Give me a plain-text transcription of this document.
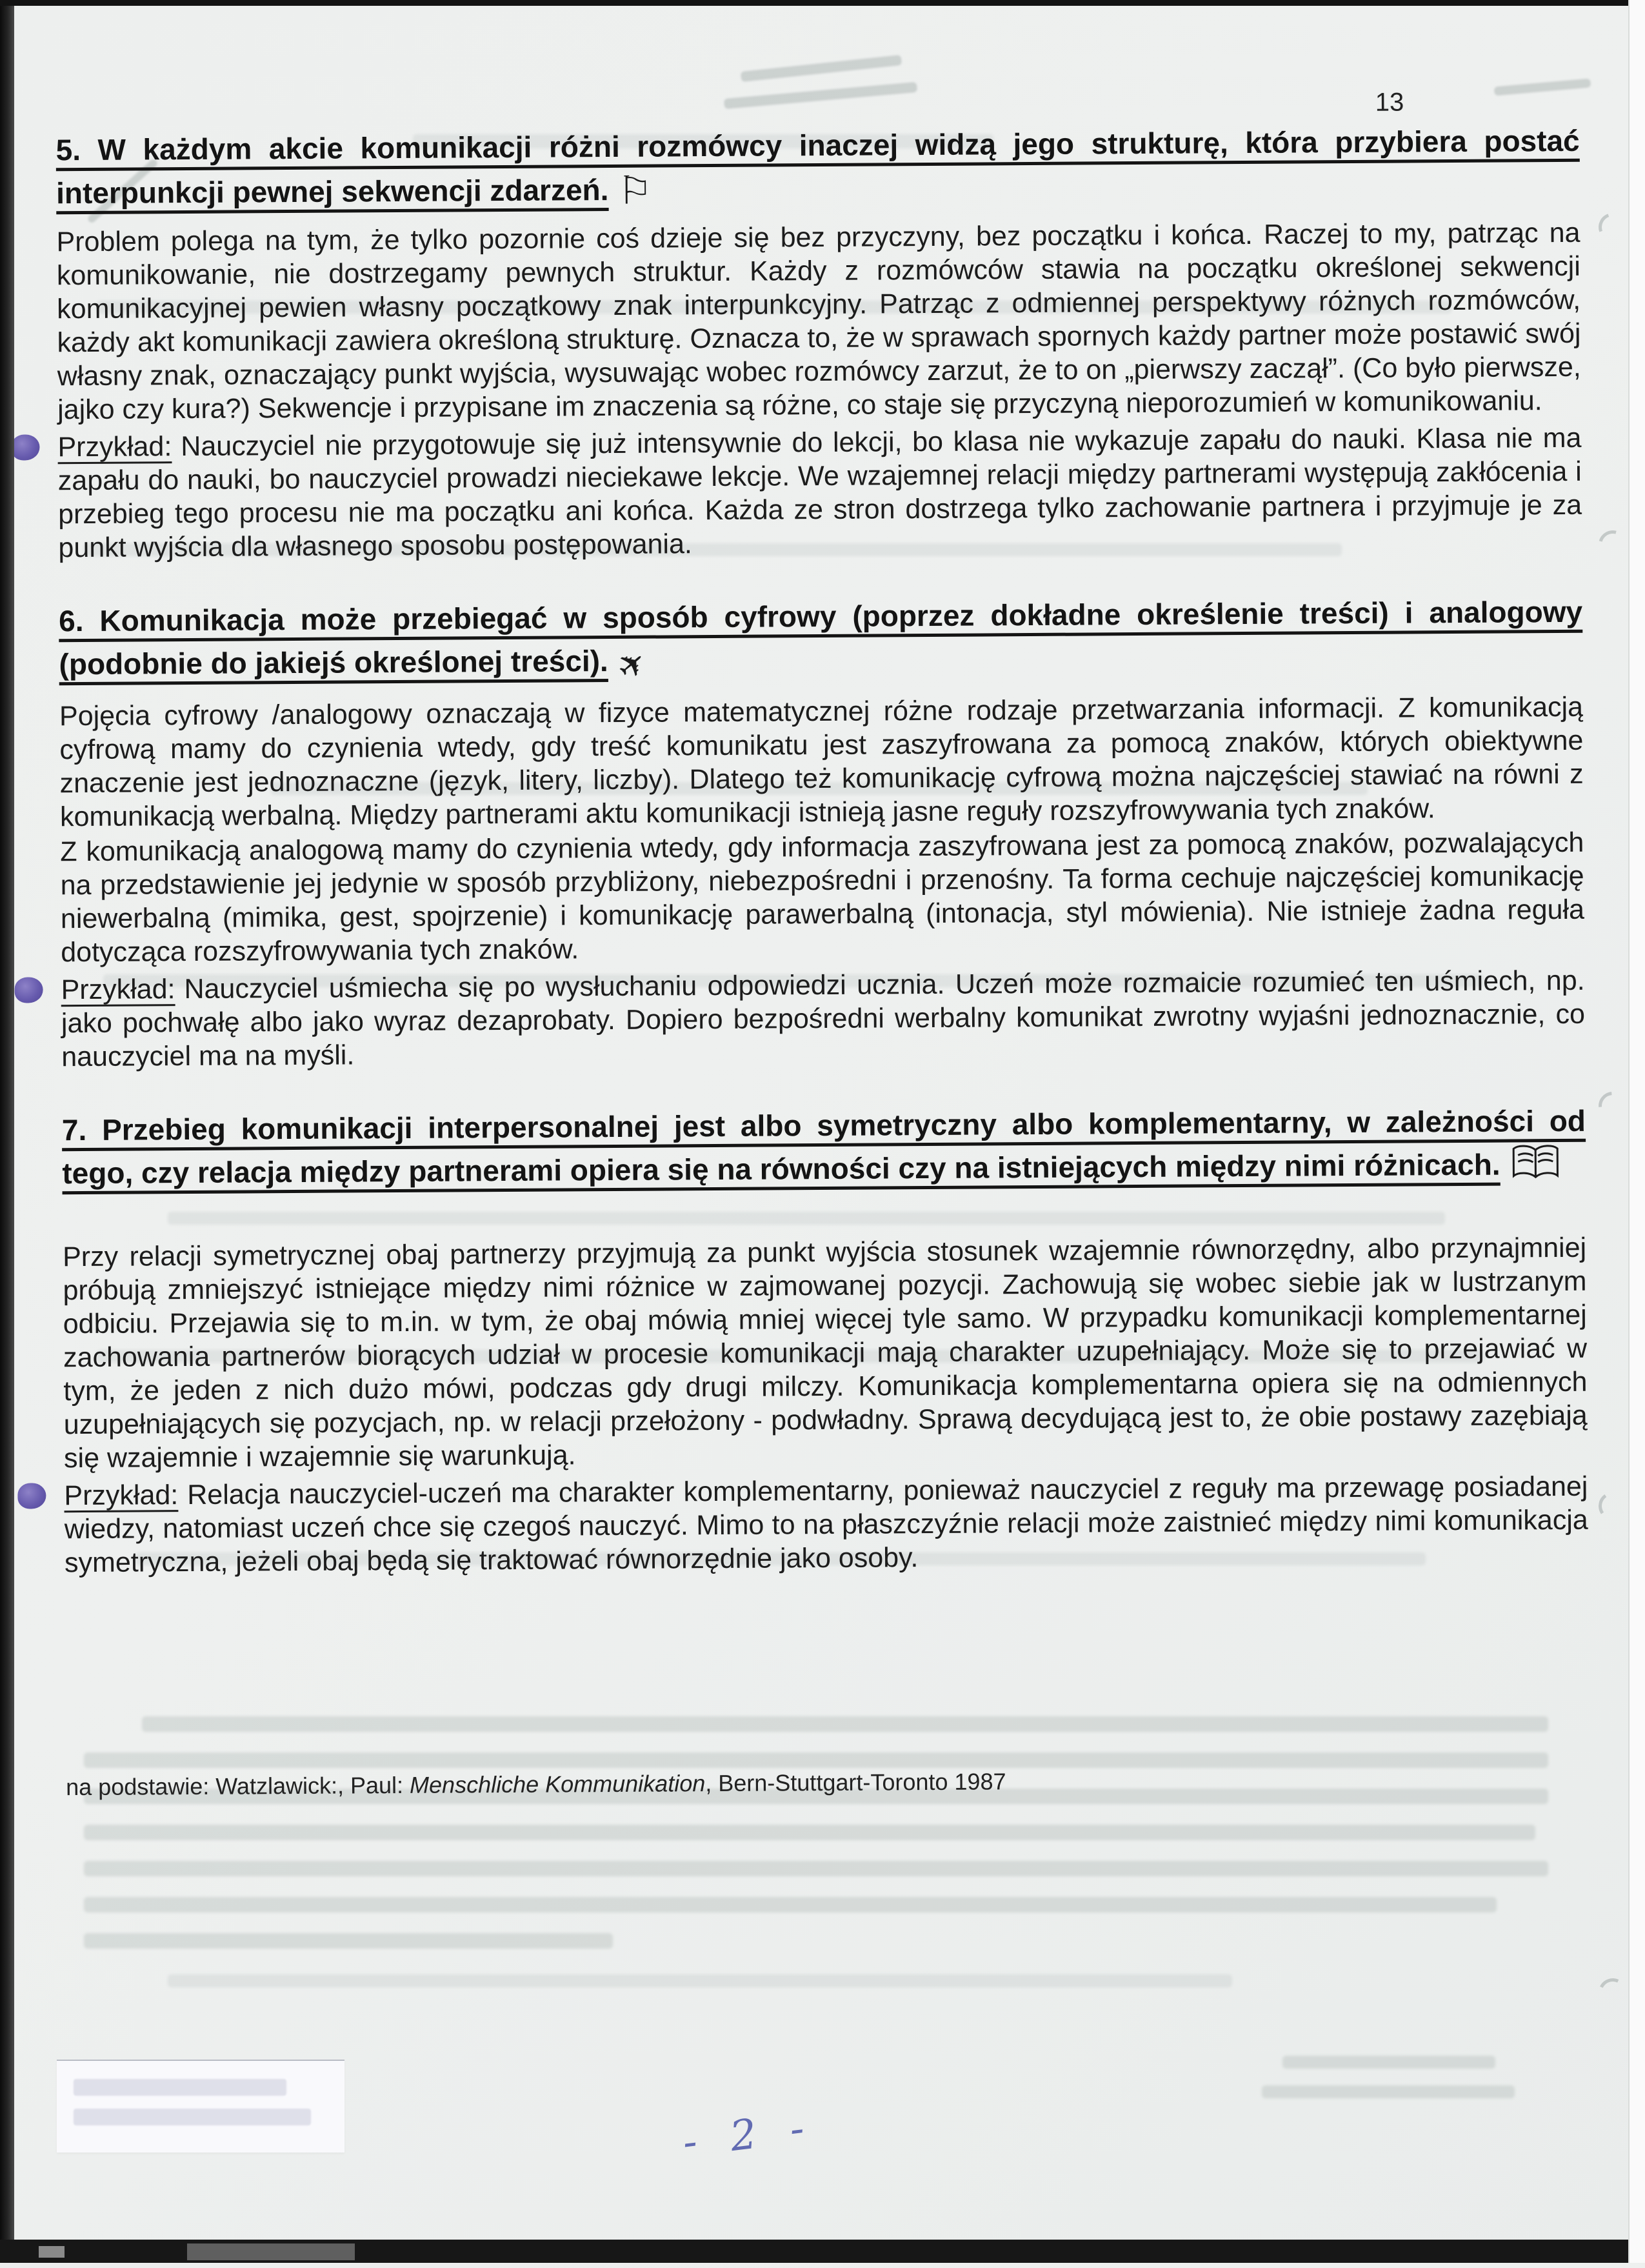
13
5. W każdym akcie komunikacji różni rozmówcy inaczej widzą jego strukturę, która przybiera postać interpunkcji pewnej sekwencji zdarzeń. ⚐

Problem polega na tym, że tylko pozornie coś dzieje się bez przyczyny, bez początku i końca. Raczej to my, patrząc na komunikowanie, nie dostrzegamy pewnych struktur. Każdy z rozmówców stawia na początku określonej sekwencji komunikacyjnej pewien własny początkowy znak interpunkcyjny. Patrząc z odmiennej perspektywy różnych rozmówców, każdy akt komunikacji zawiera określoną strukturę. Oznacza to, że w sprawach spornych każdy partner może postawić swój własny znak, oznaczający punkt wyjścia, wysuwając wobec rozmówcy zarzut, że to on „pierwszy zaczął”. (Co było pierwsze, jajko czy kura?) Sekwencje i przypisane im znaczenia są różne, co staje się przyczyną nieporozumień w komunikowaniu.

Przykład: Nauczyciel nie przygotowuje się już intensywnie do lekcji, bo klasa nie wykazuje zapału do nauki. Klasa nie ma zapału do nauki, bo nauczyciel prowadzi nieciekawe lekcje. We wzajemnej relacji między partnerami występują zakłócenia i przebieg tego procesu nie ma początku ani końca. Każda ze stron dostrzega tylko zachowanie partnera i przyjmuje je za punkt wyjścia dla własnego sposobu postępowania.

6. Komunikacja może przebiegać w sposób cyfrowy (poprzez dokładne określenie treści) i analogowy (podobnie do jakiejś określonej treści).✈

Pojęcia cyfrowy /analogowy oznaczają w fizyce matematycznej różne rodzaje przetwarzania informacji. Z komunikacją cyfrową mamy do czynienia wtedy, gdy treść komunikatu jest zaszyfrowana za pomocą znaków, których obiektywne znaczenie jest jednoznaczne (język, litery, liczby). Dlatego też komunikację cyfrową można najczęściej stawiać na równi z komunikacją werbalną. Między partnerami aktu komunikacji istnieją jasne reguły rozszyfrowywania tych znaków.

Z komunikacją analogową mamy do czynienia wtedy, gdy informacja zaszyfrowana jest za pomocą znaków, pozwalających na przedstawienie jej jedynie w sposób przybliżony, niebezpośredni i przenośny. Ta forma cechuje najczęściej komunikację niewerbalną (mimika, gest, spojrzenie) i komunikację parawerbalną (intonacja, styl mówienia). Nie istnieje żadna reguła dotycząca rozszyfrowywania tych znaków.

Przykład: Nauczyciel uśmiecha się po wysłuchaniu odpowiedzi ucznia. Uczeń może rozmaicie rozumieć ten uśmiech, np. jako pochwałę albo jako wyraz dezaprobaty. Dopiero bezpośredni werbalny komunikat zwrotny wyjaśni jednoznacznie, co nauczyciel ma na myśli.

7. Przebieg komunikacji interpersonalnej jest albo symetryczny albo komplementarny, w zależności od tego, czy relacja między partnerami opiera się na równości czy na istniejących między nimi różnicach.

Przy relacji symetrycznej obaj partnerzy przyjmują za punkt wyjścia stosunek wzajemnie równorzędny, albo przynajmniej próbują zmniejszyć istniejące między nimi różnice w zajmowanej pozycji. Zachowują się wobec siebie jak w lustrzanym odbiciu. Przejawia się to m.in. w tym, że obaj mówią mniej więcej tyle samo. W przypadku komunikacji komplementarnej zachowania partnerów biorących udział w procesie komunikacji mają charakter uzupełniający. Może się to przejawiać w tym, że jeden z nich dużo mówi, podczas gdy drugi milczy. Komunikacja komplementarna opiera się na odmiennych uzupełniających się pozycjach, np. w relacji przełożony - podwładny. Sprawą decydującą jest to, że obie postawy zazębiają się wzajemnie i wzajemnie się warunkują.

Przykład: Relacja nauczyciel-uczeń ma charakter komplementarny, ponieważ nauczyciel z reguły ma przewagę posiadanej wiedzy, natomiast uczeń chce się czegoś nauczyć. Mimo to na płaszczyźnie relacji może zaistnieć między nimi komunikacja symetryczna, jeżeli obaj będą się traktować równorzędnie jako osoby.

na podstawie: Watzlawick:, Paul: Menschliche Kommunikation, Bern-Stuttgart-Toronto 1987

- 2 -
